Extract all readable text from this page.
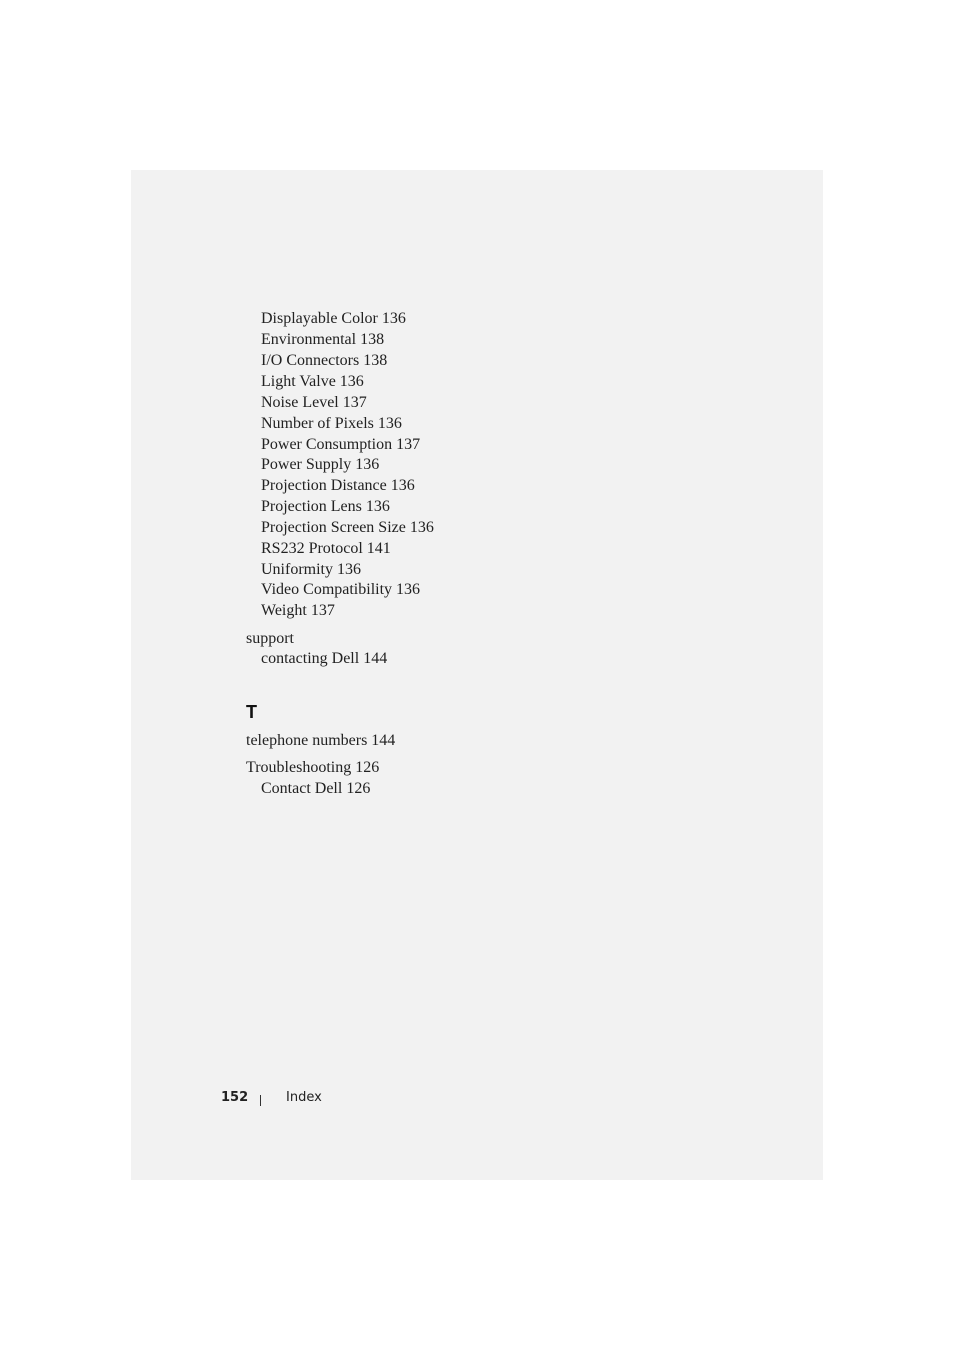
Displayable Color 136
Environmental 138
I/O Connectors 138
Light Valve 136
Noise Level 137
Number of Pixels 136
Power Consumption 137
Power Supply 136
Projection Distance 136
Projection Lens 136
Projection Screen Size 136
RS232 Protocol 141
Uniformity 136
Video Compatibility 136
Weight 137
support
contacting Dell 144
T
telephone numbers 144
Troubleshooting 126
Contact Dell 126
152	Index
